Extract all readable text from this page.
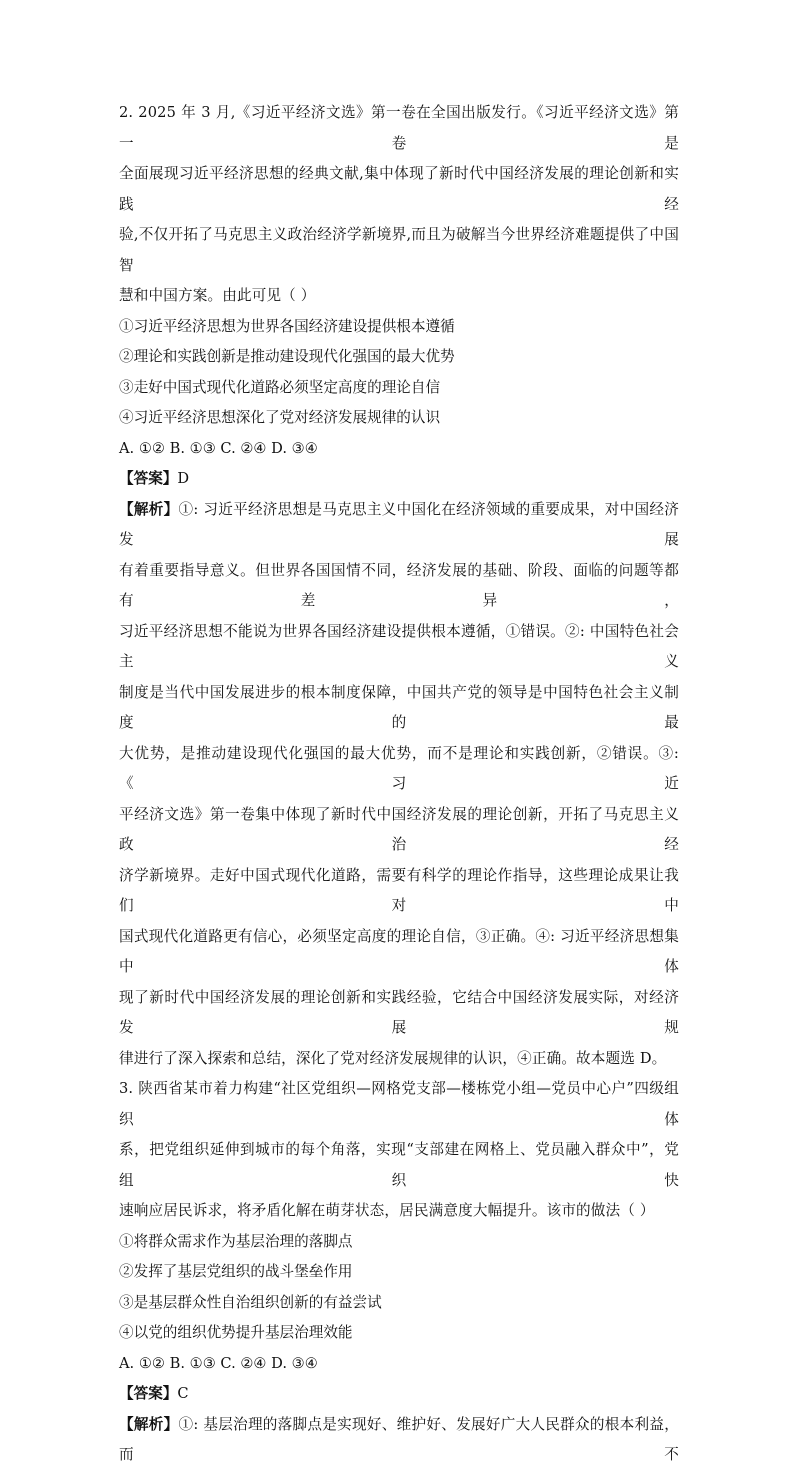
2. 2025 年 3 月,《习近平经济文选》第一卷在全国出版发行。《习近平经济文选》第一卷是

全面展现习近平经济思想的经典文献,集中体现了新时代中国经济发展的理论创新和实践经

验,不仅开拓了马克思主义政治经济学新境界,而且为破解当今世界经济难题提供了中国智

慧和中国方案。由此可见（ ）

①习近平经济思想为世界各国经济建设提供根本遵循

②理论和实践创新是推动建设现代化强国的最大优势

③走好中国式现代化道路必须坚定高度的理论自信

④习近平经济思想深化了党对经济发展规律的认识

A. ①② B. ①③ C. ②④ D. ③④

【答案】D

【解析】①: 习近平经济思想是马克思主义中国化在经济领域的重要成果，对中国经济发展

有着重要指导意义。但世界各国国情不同，经济发展的基础、阶段、面临的问题等都有差异，

习近平经济思想不能说为世界各国经济建设提供根本遵循，①错误。②: 中国特色社会主义

制度是当代中国发展进步的根本制度保障，中国共产党的领导是中国特色社会主义制度的最

大优势，是推动建设现代化强国的最大优势，而不是理论和实践创新，②错误。③:《习近

平经济文选》第一卷集中体现了新时代中国经济发展的理论创新，开拓了马克思主义政治经

济学新境界。走好中国式现代化道路，需要有科学的理论作指导，这些理论成果让我们对中

国式现代化道路更有信心，必须坚定高度的理论自信，③正确。④: 习近平经济思想集中体

现了新时代中国经济发展的理论创新和实践经验，它结合中国经济发展实际，对经济发展规

律进行了深入探索和总结，深化了党对经济发展规律的认识，④正确。故本题选 D。

3. 陕西省某市着力构建“社区党组织—网格党支部—楼栋党小组—党员中心户”四级组织体

系，把党组织延伸到城市的每个角落，实现“支部建在网格上、党员融入群众中”，党组织快

速响应居民诉求，将矛盾化解在萌芽状态，居民满意度大幅提升。该市的做法（ ）

①将群众需求作为基层治理的落脚点

②发挥了基层党组织的战斗堡垒作用

③是基层群众性自治组织创新的有益尝试

④以党的组织优势提升基层治理效能

A. ①② B. ①③ C. ②④ D. ③④

【答案】C

【解析】①: 基层治理的落脚点是实现好、维护好、发展好广大人民群众的根本利益，而不
